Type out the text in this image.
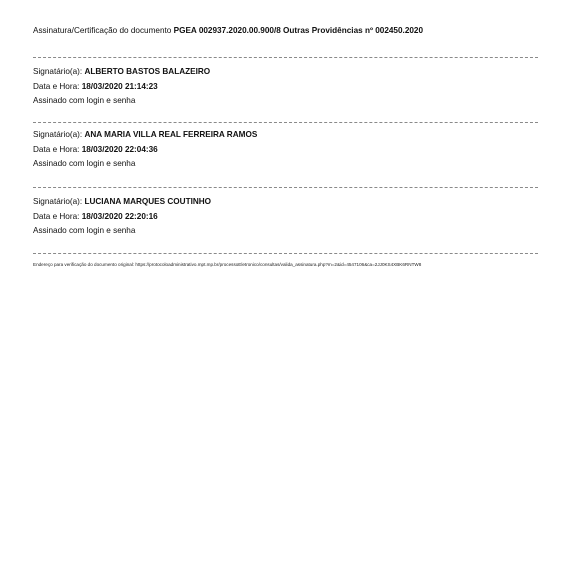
Assinatura/Certificação do documento PGEA 002937.2020.00.900/8 Outras Providências nº 002450.2020
Signatário(a): ALBERTO BASTOS BALAZEIRO
Data e Hora: 18/03/2020 21:14:23
Assinado com login e senha
Signatário(a): ANA MARIA VILLA REAL FERREIRA RAMOS
Data e Hora: 18/03/2020 22:04:36
Assinado com login e senha
Signatário(a): LUCIANA MARQUES COUTINHO
Data e Hora: 18/03/2020 22:20:16
Assinado com login e senha
Endereço para verificação do documento original: https://protocoloadministrativo.mpt.mp.br/processoEletronico/consultas/valida_assinatura.php?m=2&id=4547106&ca=2JJ0KS4XBK6RNTW8
